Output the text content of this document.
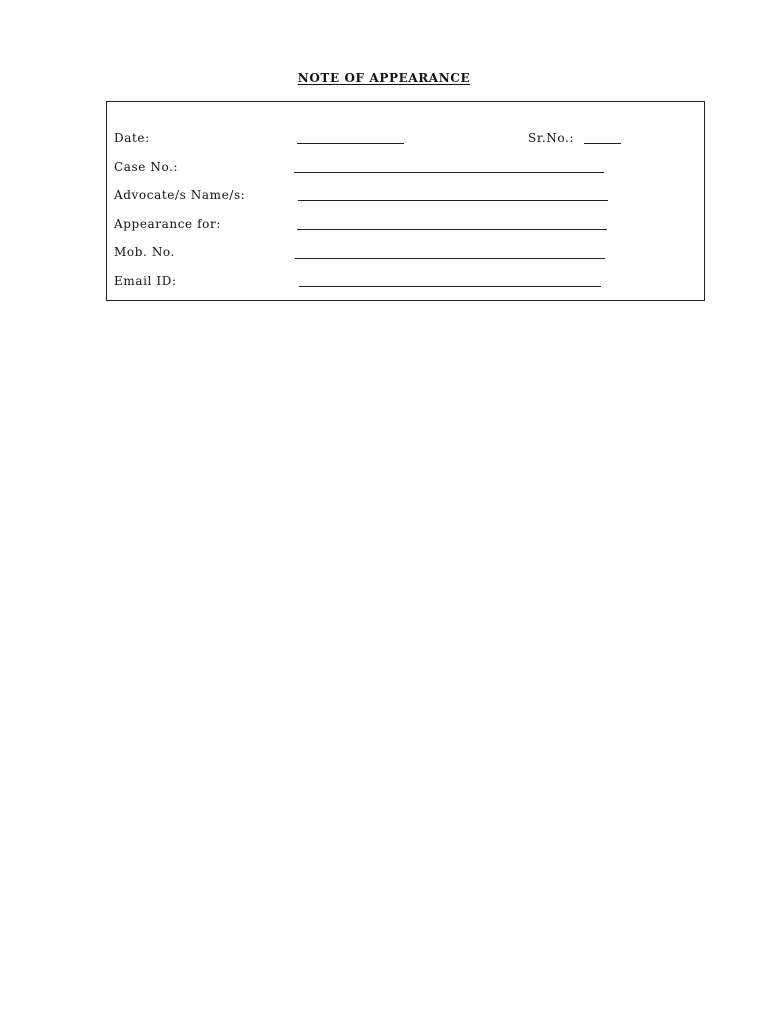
NOTE OF APPEARANCE
Date:	Sr.No.:
Case No.:
Advocate/s Name/s:
Appearance for:
Mob. No.
Email ID:
